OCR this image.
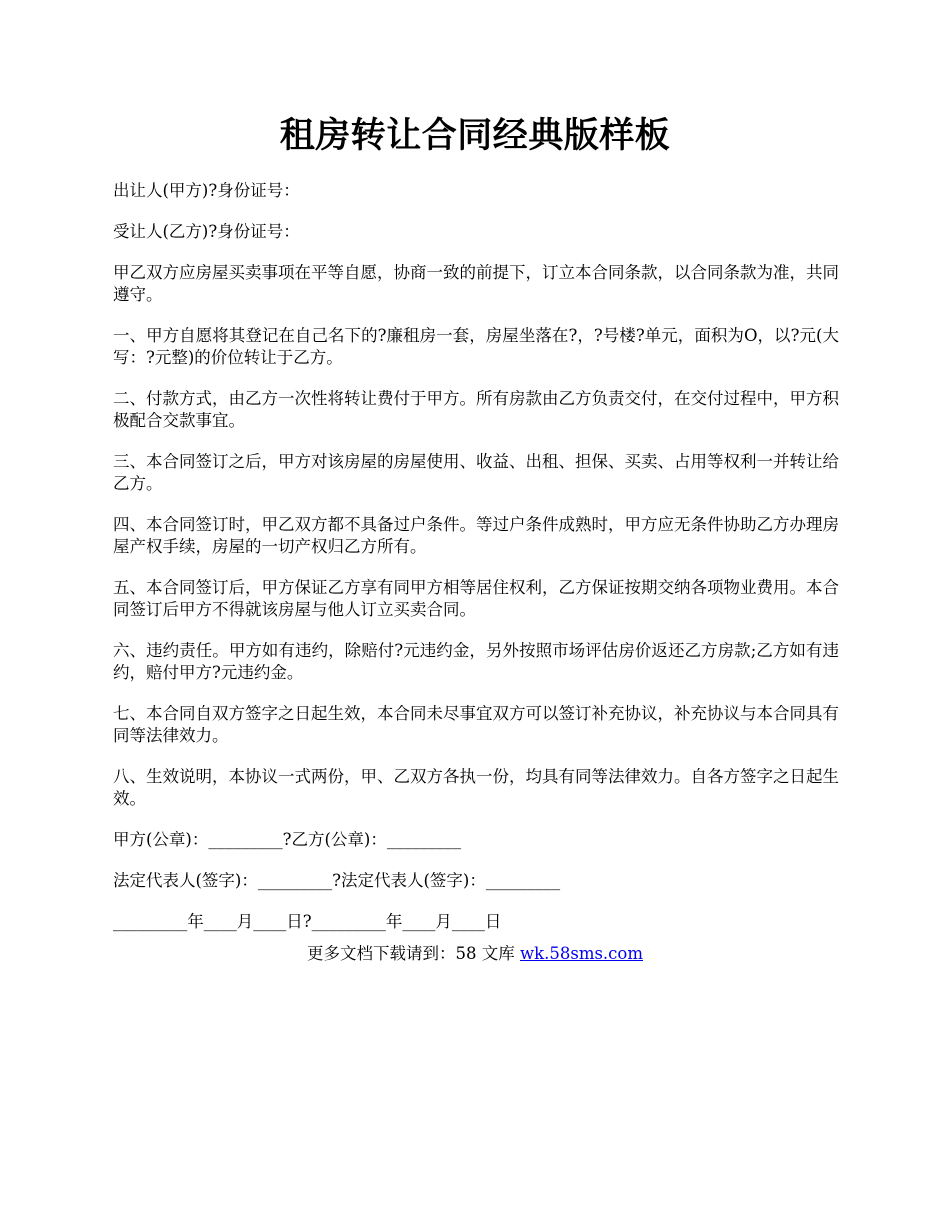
租房转让合同经典版样板

出让人(甲方)?身份证号：

受让人(乙方)?身份证号：

甲乙双方应房屋买卖事项在平等自愿，协商一致的前提下，订立本合同条款，以合同条款为准，共同遵守。

一、甲方自愿将其登记在自己名下的?廉租房一套，房屋坐落在?，?号楼?单元，面积为O，以?元(大写：?元整)的价位转让于乙方。

二、付款方式，由乙方一次性将转让费付于甲方。所有房款由乙方负责交付，在交付过程中，甲方积极配合交款事宜。

三、本合同签订之后，甲方对该房屋的房屋使用、收益、出租、担保、买卖、占用等权利一并转让给乙方。

四、本合同签订时，甲乙双方都不具备过户条件。等过户条件成熟时，甲方应无条件协助乙方办理房屋产权手续，房屋的一切产权归乙方所有。

五、本合同签订后，甲方保证乙方享有同甲方相等居住权利，乙方保证按期交纳各项物业费用。本合同签订后甲方不得就该房屋与他人订立买卖合同。

六、违约责任。甲方如有违约，除赔付?元违约金，另外按照市场评估房价返还乙方房款;乙方如有违约，赔付甲方?元违约金。

七、本合同自双方签字之日起生效，本合同未尽事宜双方可以签订补充协议，补充协议与本合同具有同等法律效力。

八、生效说明，本协议一式两份，甲、乙双方各执一份，均具有同等法律效力。自各方签字之日起生效。

甲方(公章)：_________?乙方(公章)：_________

法定代表人(签字)：_________?法定代表人(签字)：_________

_________年____月____日?_________年____月____日

更多文档下载请到：58 文库 wk.58sms.com
